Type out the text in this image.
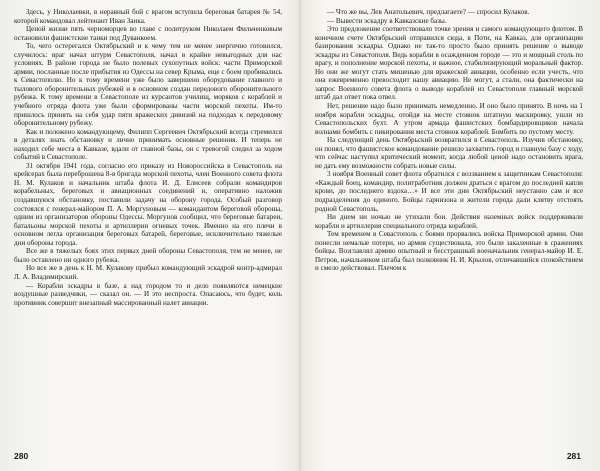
Здесь, у Николаевки, в неравный бой с врагом вступила береговая батарея № 54, которой командовал лейтенант Иван Заика.

Ценой жизни пять черноморцев во главе с политруком Николаем Фильченковым остановили фашистские танки под Дуванкоем.

То, чего остерегался Октябрьский и к чему тем не менее энергично готовился, случилось: враг начал штурм Севастополя, начал в крайне невыгодных для нас условиях. В районе города не было полевых сухопутных войск: части Приморской армии, посланные после прибытия из Одессы на север Крыма, еще с боем пробивались к Севастополю. Но к тому времени уже было завершено оборудование главного и тылового оборонительных рубежей и в основном создан передового оборонительного рубежа. К тому времени в Севастополе из курсантов училищ, моряков с кораблей и учебного отряда флота уже были сформированы части морской пехоты. Им-то пришлось принять на себя удар пяти вражеских дивизий на подходах к передовому оборонительному рубежу.

Как и положено командующему, Филипп Сергеевич Октябрьский всегда стремился в деталях знать обстановку и лично принимать основные решения. И теперь не находил себе места в Кавказе, вдали от главной базы, он с тревогой следил за ходом событий в Севастополе.

31 октября 1941 года, согласно его приказу из Новороссийска в Севастополь на крейсерах была переброшена 8-я бригада морской пехоты, член Военного совета флота Н. М. Кулаков и начальник штаба флота И. Д. Елисеев собрали командиров корабельных, береговых и авиационных соединений и, оперативно наложив создавшуюся обстановку, поставили задачу на оборону города. Особый разговор состоялся с генерал-майором П. А. Моргуновым — командантом береговой обороны, одним из организаторов обороны Одессы. Моргунов сообщил, что береговые батареи, батальоны морской пехоты и артиллерии огневых точек. Именно на его плечи в основном легла организация береговых батарей, береговые, исключительно тяжелые дни обороны города.

Все же в тяжелых боях этих первых дней обороны Севастополя, тем не менее, не было оставлено ни одного рубежа.

Но все же в день к Н. М. Кулакову прибыл командующий эскадрой контр-адмирал Л. А. Владимирский.

— Корабли эскадры в базе, а над городом то и дело появляются немецкие воздушные разведчики, — сказал он. — И это неспроста. Опасаюсь, что будет, коль противник совершит внезапный массированный налет авиации.

280

— Что же вы, Лев Анатольевич, предлагаете? — спросил Кулаков.

— Вывести эскадру в Кавказские базы.

Это предложение соответствовало точке зрения и самого командующего флотом. В конечном счете Октябрьский отправился сюда, в Поти, на Кавказ, для организации базирования эскадры. Однако не так-то просто было принять решение о выводе эскадры из Севастополя. Ведь корабли в осажденном городе — это и мощный столь по врагу, и пополнение морской пехоты, и важное, стабилизирующий моральный фактор. Но они же могут стать мишенью для вражеской авиации, особенно если учесть, что она ежевременно превосходит нашу авиацию. Не могут, а стали, она фактически на запрос Военного совета флота о выводе кораблей из Севастополя главный морской штаб дал ответ пока отвел.

Нет, решение надо было принимать немедленно. И оно было принято. В ночь на 1 ноября корабли эскадры, отойдя на месте стоянок штатную маскировку, ушли из Севастопольских бухт. А утром армада фашистских бомбардировщиков начала волнами бомбить с пикирования места стоянок кораблей. Бомбить по пустому месту.

На следующий день Октябрьский возвратился в Севастополь. Изучив обстановку, он понял, что фашистское командование решило захватить город и главную базу с ходу, что сейчас наступил критический момент, когда любой ценой надо остановить врага, не дать ему возможности собрать новые силы.

3 ноября Военный совет флота обратился с воззванием к защитникам Севастополя: «Каждый боец, командир, политработник должен драться с врагом до последней капли крови, до последнего вздоха…» И все эти дни Октябрьский неустанно сам и все подразделения до единого. Бойцы гарнизона и жители города дали клятву отстоять родной Севастополь.

Ни днем ни ночью не утихали бои. Действия наземных войск поддерживали корабли и артиллерия специального отряда кораблей.

Тем временем в Севастополь с боями прорвались войска Приморской армии. Они понесли немалые потери, но армия существовала, это были закаленные в сражениях бойцы. Возглавлял армию опытный и бесстрашный военачальник генерал-майор И. Е. Петров, начальником штаба был полковник Н. И. Крылов, отличавшийся спокойствием и смело действовал. Плечом к

281
